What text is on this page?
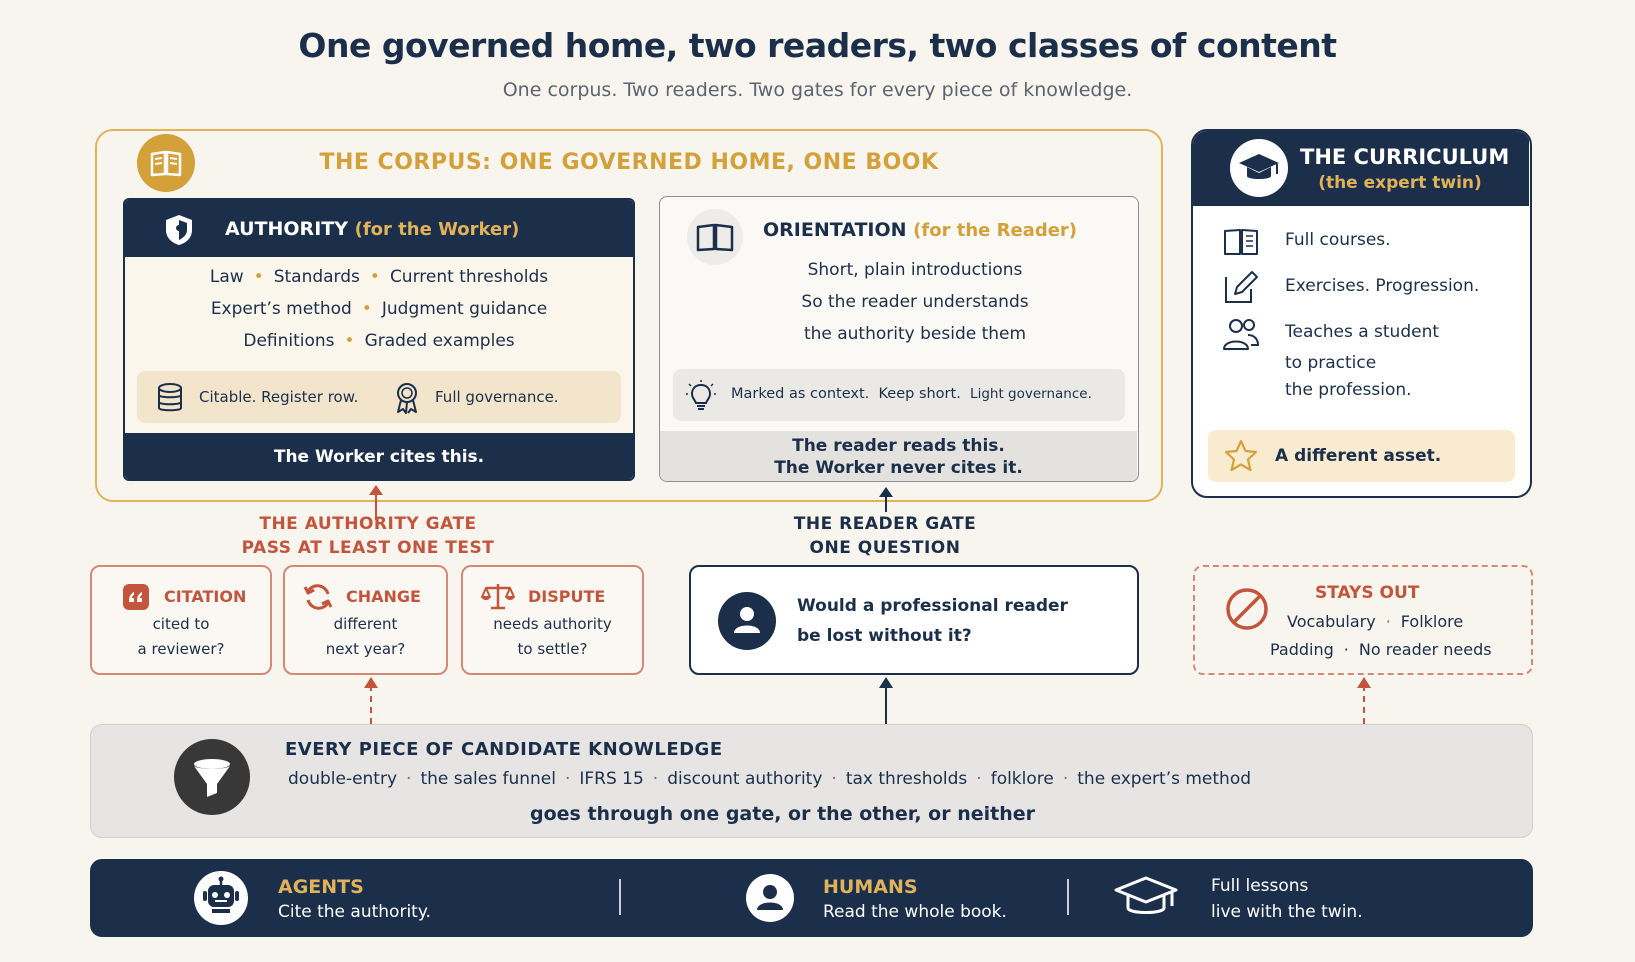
One governed home, two readers, two classes of content
One corpus. Two readers. Two gates for every piece of knowledge.
THE CORPUS: ONE GOVERNED HOME, ONE BOOK
AUTHORITY (for the Worker)
Law • Standards • Current thresholds
Expert’s method • Judgment guidance
Definitions • Graded examples
Citable. Register row.	Full governance.
The Worker cites this.
ORIENTATION (for the Reader)
Short, plain introductions
So the reader understands
the authority beside them
Marked as context. Keep short. Light governance.
The reader reads this.
The Worker never cites it.
THE CURRICULUM
(the expert twin)
Full courses.
Exercises. Progression.
Teaches a student
to practice
the profession.
A different asset.
THE AUTHORITY GATE
PASS AT LEAST ONE TEST
CITATION
cited to
a reviewer?
CHANGE
different
next year?
DISPUTE
needs authority
to settle?
THE READER GATE
ONE QUESTION
Would a professional reader
be lost without it?
STAYS OUT
Vocabulary · Folklore
Padding · No reader needs
EVERY PIECE OF CANDIDATE KNOWLEDGE
double-entry · the sales funnel · IFRS 15 · discount authority · tax thresholds · folklore · the expert’s method
goes through one gate, or the other, or neither
AGENTS
Cite the authority.
HUMANS
Read the whole book.
Full lessons
live with the twin.
